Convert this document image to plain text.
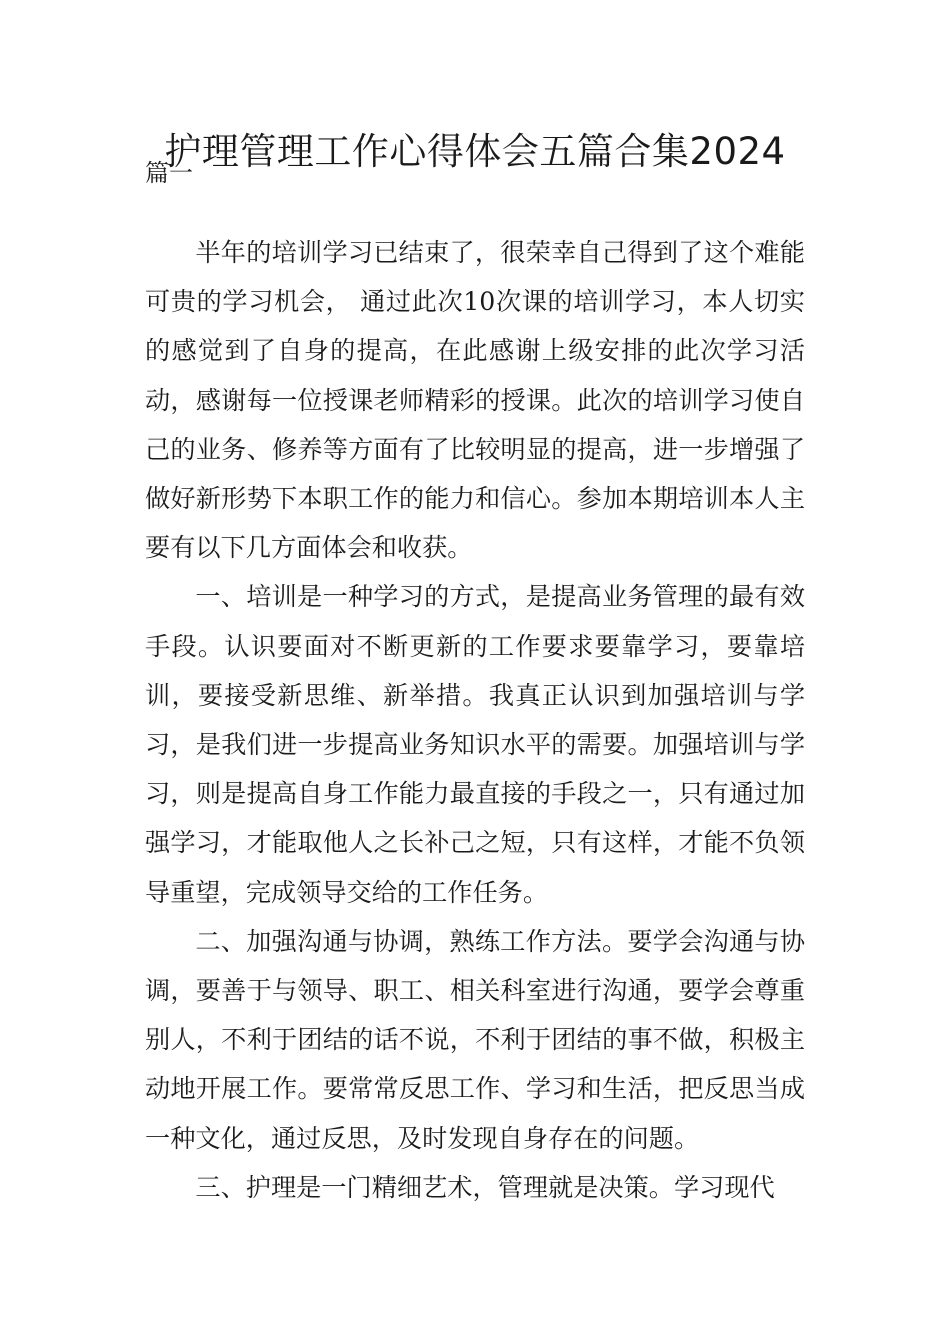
护理管理工作心得体会五篇合集2024
篇一

半年的培训学习已结束了，很荣幸自己得到了这个难能可贵的学习机会， 通过此次10次课的培训学习，本人切实的感觉到了自身的提高，在此感谢上级安排的此次学习活动，感谢每一位授课老师精彩的授课。此次的培训学习使自己的业务、修养等方面有了比较明显的提高，进一步增强了做好新形势下本职工作的能力和信心。参加本期培训本人主要有以下几方面体会和收获。

一、培训是一种学习的方式，是提高业务管理的最有效手段。认识要面对不断更新的工作要求要靠学习，要靠培训，要接受新思维、新举措。我真正认识到加强培训与学习，是我们进一步提高业务知识水平的需要。加强培训与学习，则是提高自身工作能力最直接的手段之一，只有通过加强学习，才能取他人之长补己之短，只有这样，才能不负领导重望，完成领导交给的工作任务。

二、加强沟通与协调，熟练工作方法。要学会沟通与协调，要善于与领导、职工、相关科室进行沟通，要学会尊重别人，不利于团结的话不说，不利于团结的事不做，积极主动地开展工作。要常常反思工作、学习和生活，把反思当成一种文化，通过反思，及时发现自身存在的问题。

三、护理是一门精细艺术，管理就是决策。学习现代
